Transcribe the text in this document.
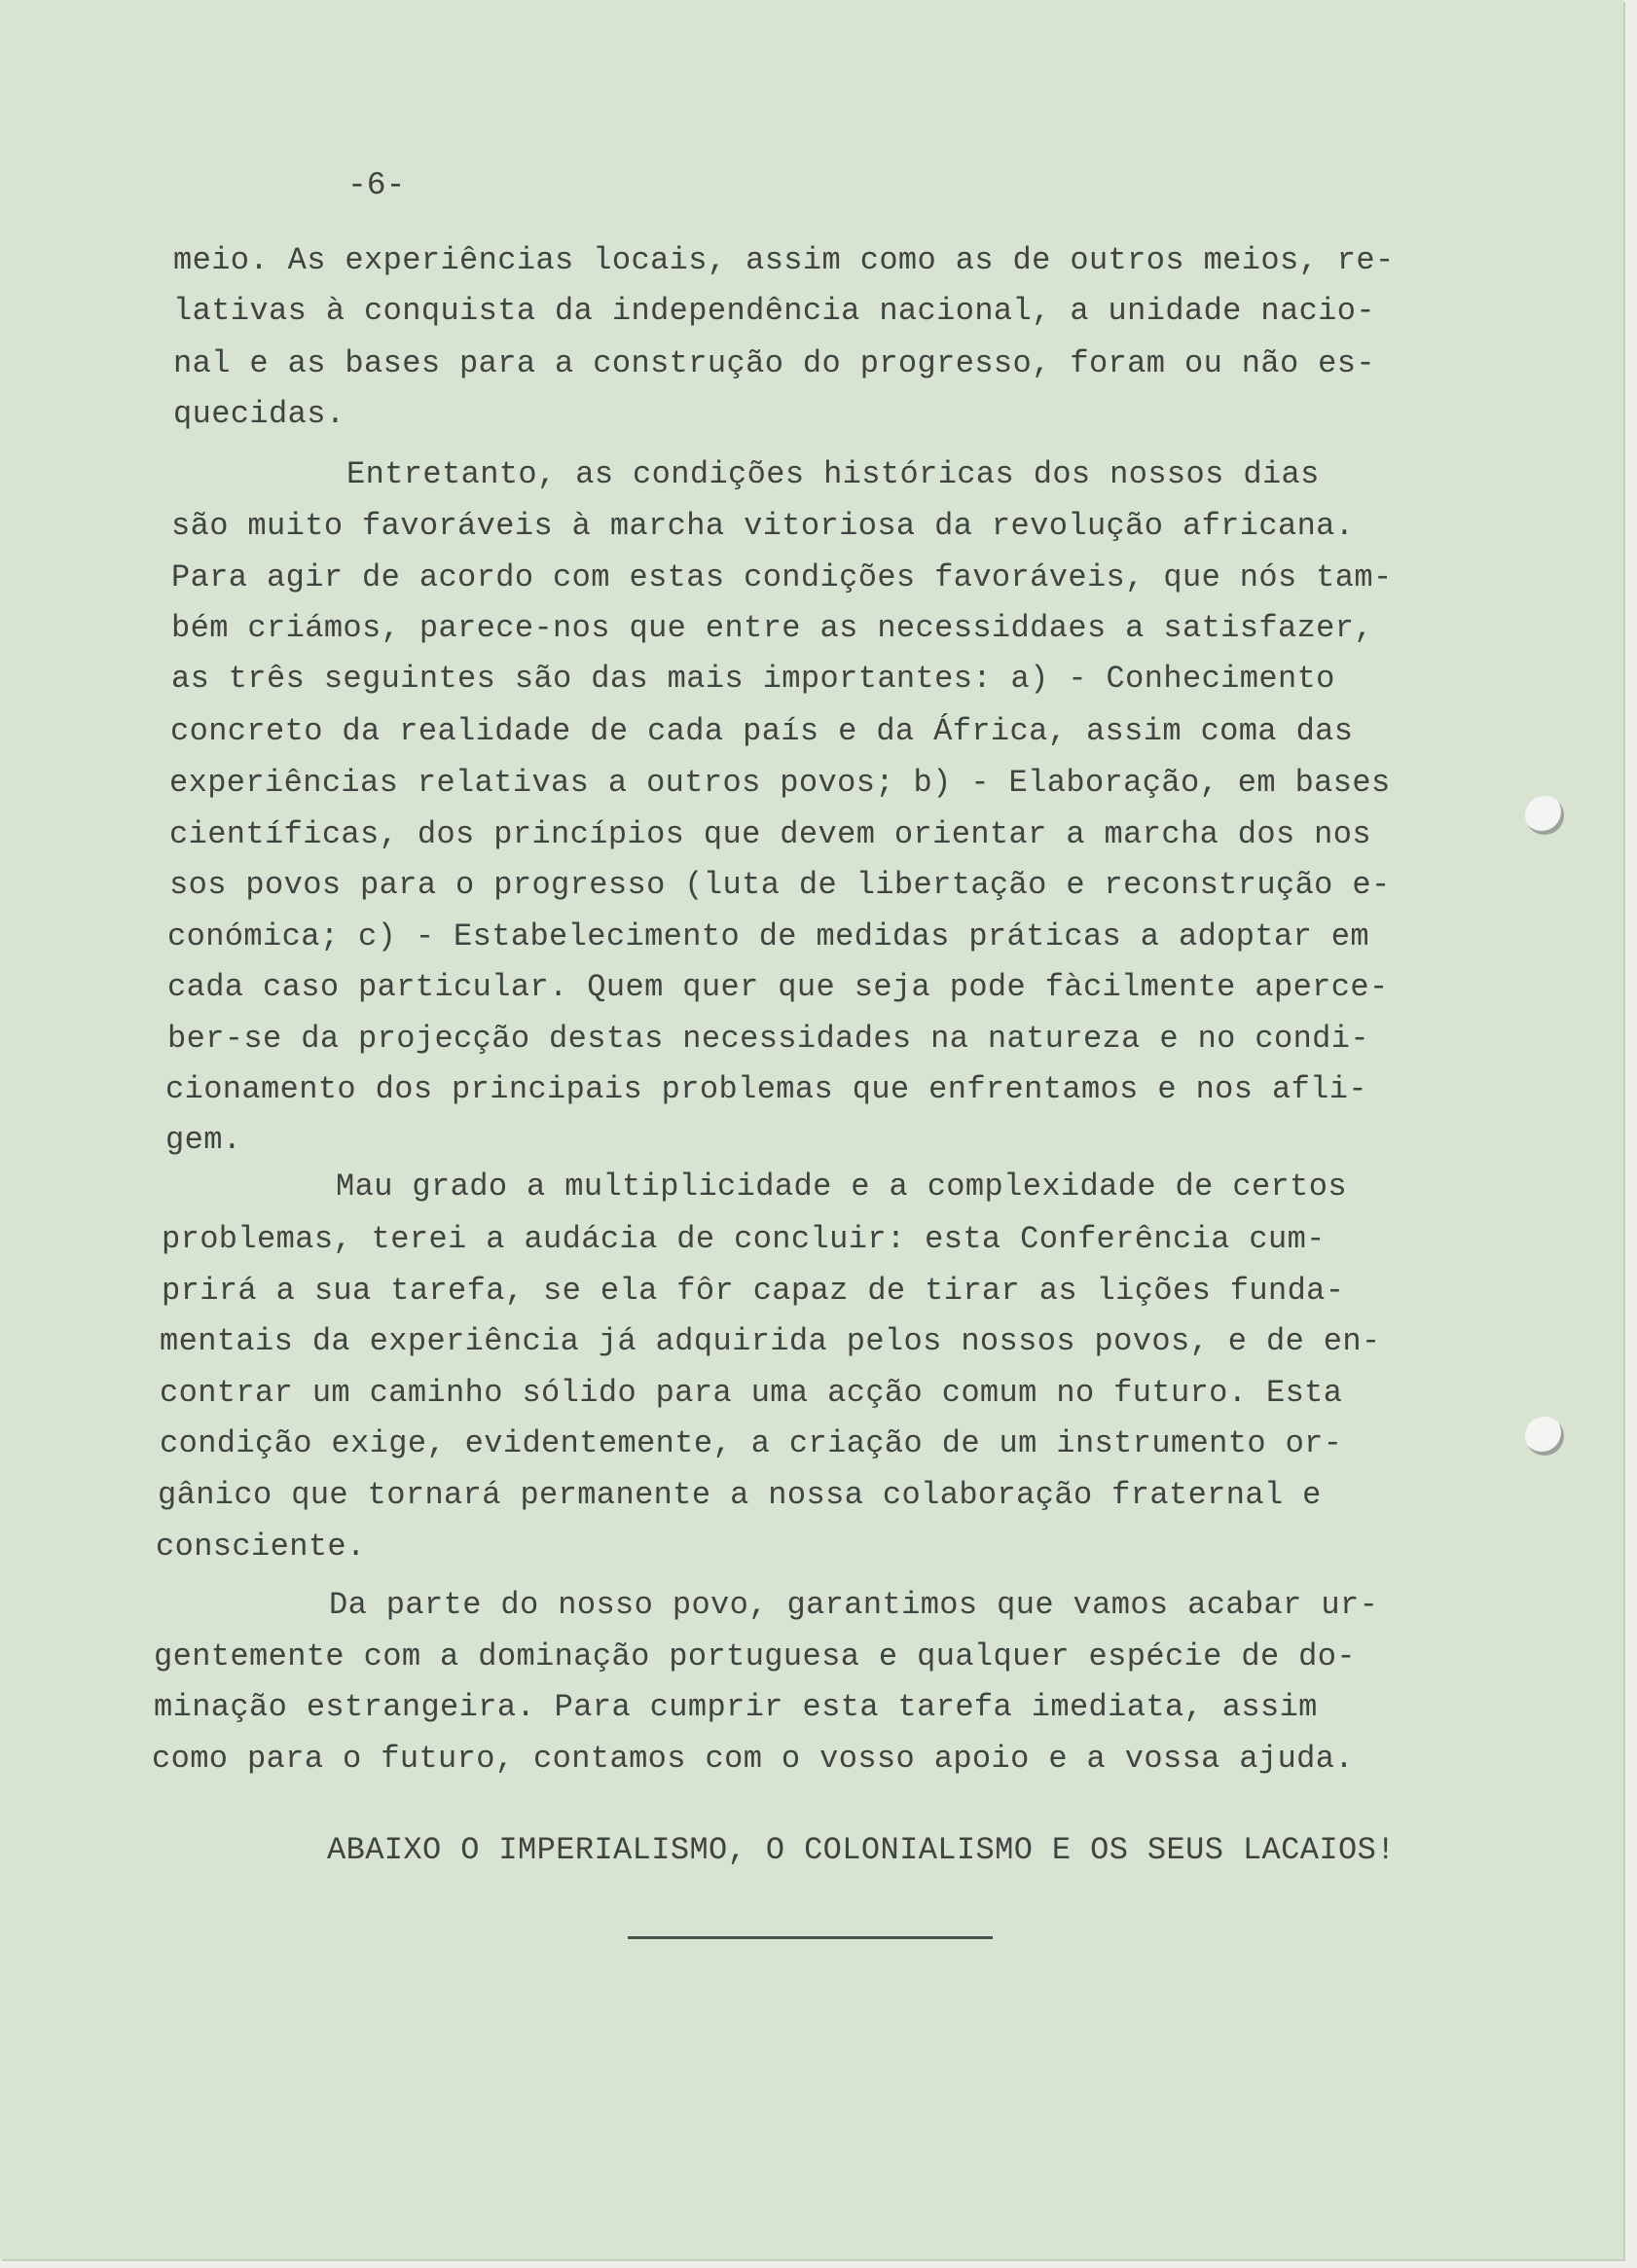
-6-
meio. As experiências locais, assim como as de outros meios, re-
lativas à conquista da independência nacional, a unidade nacio-
nal e as bases para a construção do progresso, foram ou não es-
quecidas.
Entretanto, as condições históricas dos nossos dias
são muito favoráveis à marcha vitoriosa da revolução africana.
Para agir de acordo com estas condições favoráveis, que nós tam-
bém criámos, parece-nos que entre as necessiddaes a satisfazer,
as três seguintes são das mais importantes: a) - Conhecimento
concreto da realidade de cada país e da África, assim coma das
experiências relativas a outros povos; b) - Elaboração, em bases
científicas, dos princípios que devem orientar a marcha dos nos
sos povos para o progresso (luta de libertação e reconstrução e-
conómica; c) - Estabelecimento de medidas práticas a adoptar em
cada caso particular. Quem quer que seja pode fàcilmente aperce-
ber-se da projecção destas necessidades na natureza e no condi-
cionamento dos principais problemas que enfrentamos e nos afli-
gem.
Mau grado a multiplicidade e a complexidade de certos
problemas, terei a audácia de concluir: esta Conferência cum-
prirá a sua tarefa, se ela fôr capaz de tirar as lições funda-
mentais da experiência já adquirida pelos nossos povos, e de en-
contrar um caminho sólido para uma acção comum no futuro. Esta
condição exige, evidentemente, a criação de um instrumento or-
gânico que tornará permanente a nossa colaboração fraternal e
consciente.
Da parte do nosso povo, garantimos que vamos acabar ur-
gentemente com a dominação portuguesa e qualquer espécie de do-
minação estrangeira. Para cumprir esta tarefa imediata, assim
como para o futuro, contamos com o vosso apoio e a vossa ajuda.
ABAIXO O IMPERIALISMO, O COLONIALISMO E OS SEUS LACAIOS!
